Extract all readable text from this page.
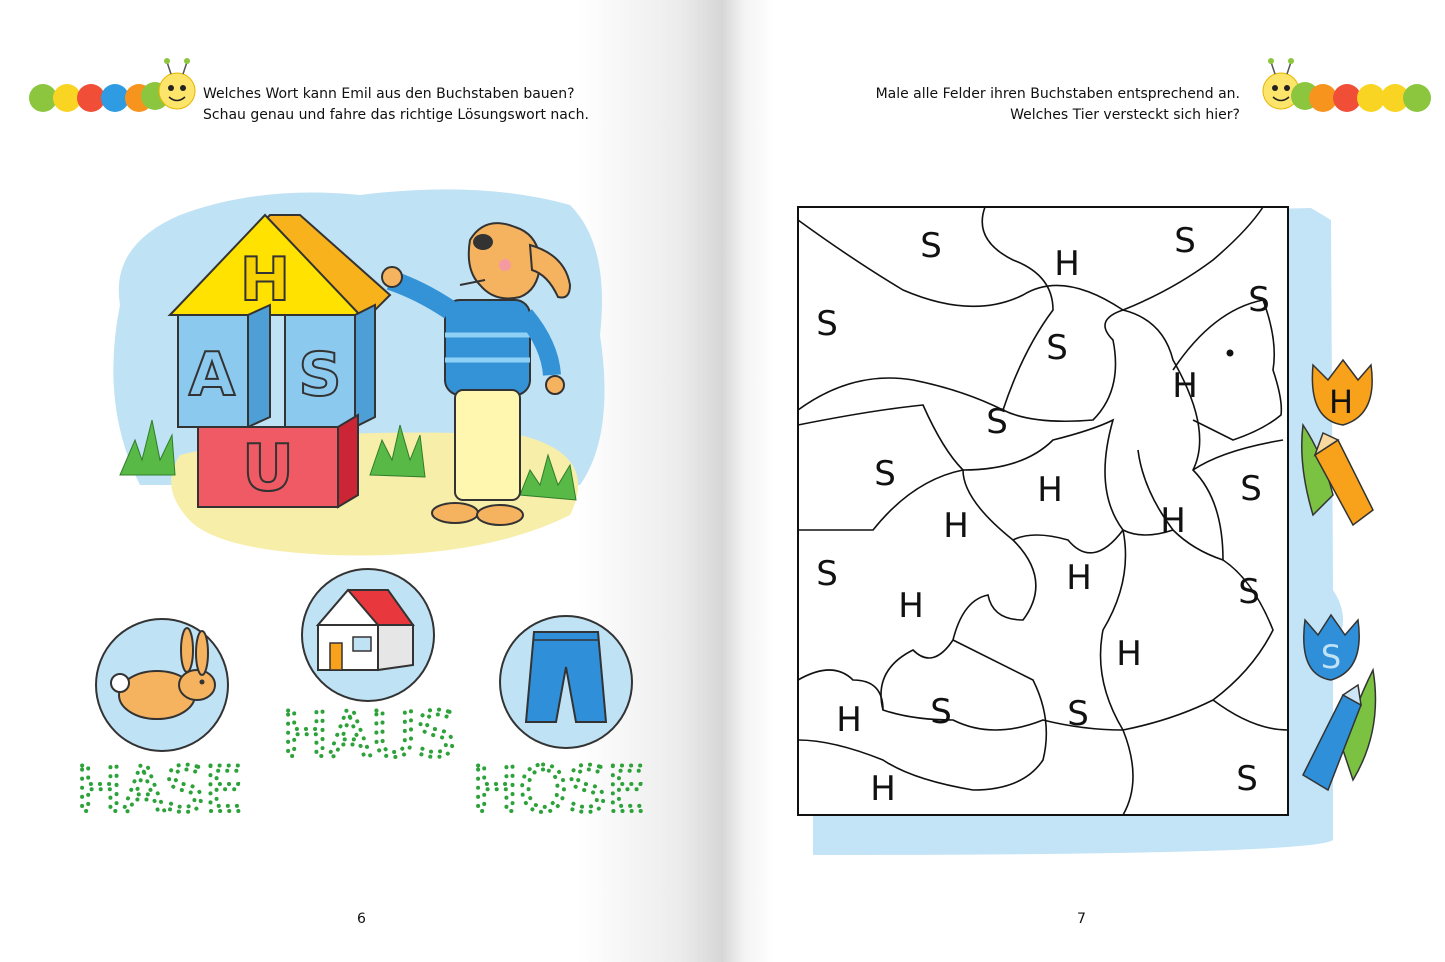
Welches Wort kann Emil aus den Buchstaben bauen?

Schau genau und fahre das richtige Lösungswort nach.

H
A S
U
HASE
HAUS
HOSE
6

Male alle Felder ihren Buchstaben entsprechend an.

Welches Tier versteckt sich hier?

S	H
S
S
S
S
H
S
H
S
H
S
H
H
S
H	S
H
H S	S
H	S
H
S
7
